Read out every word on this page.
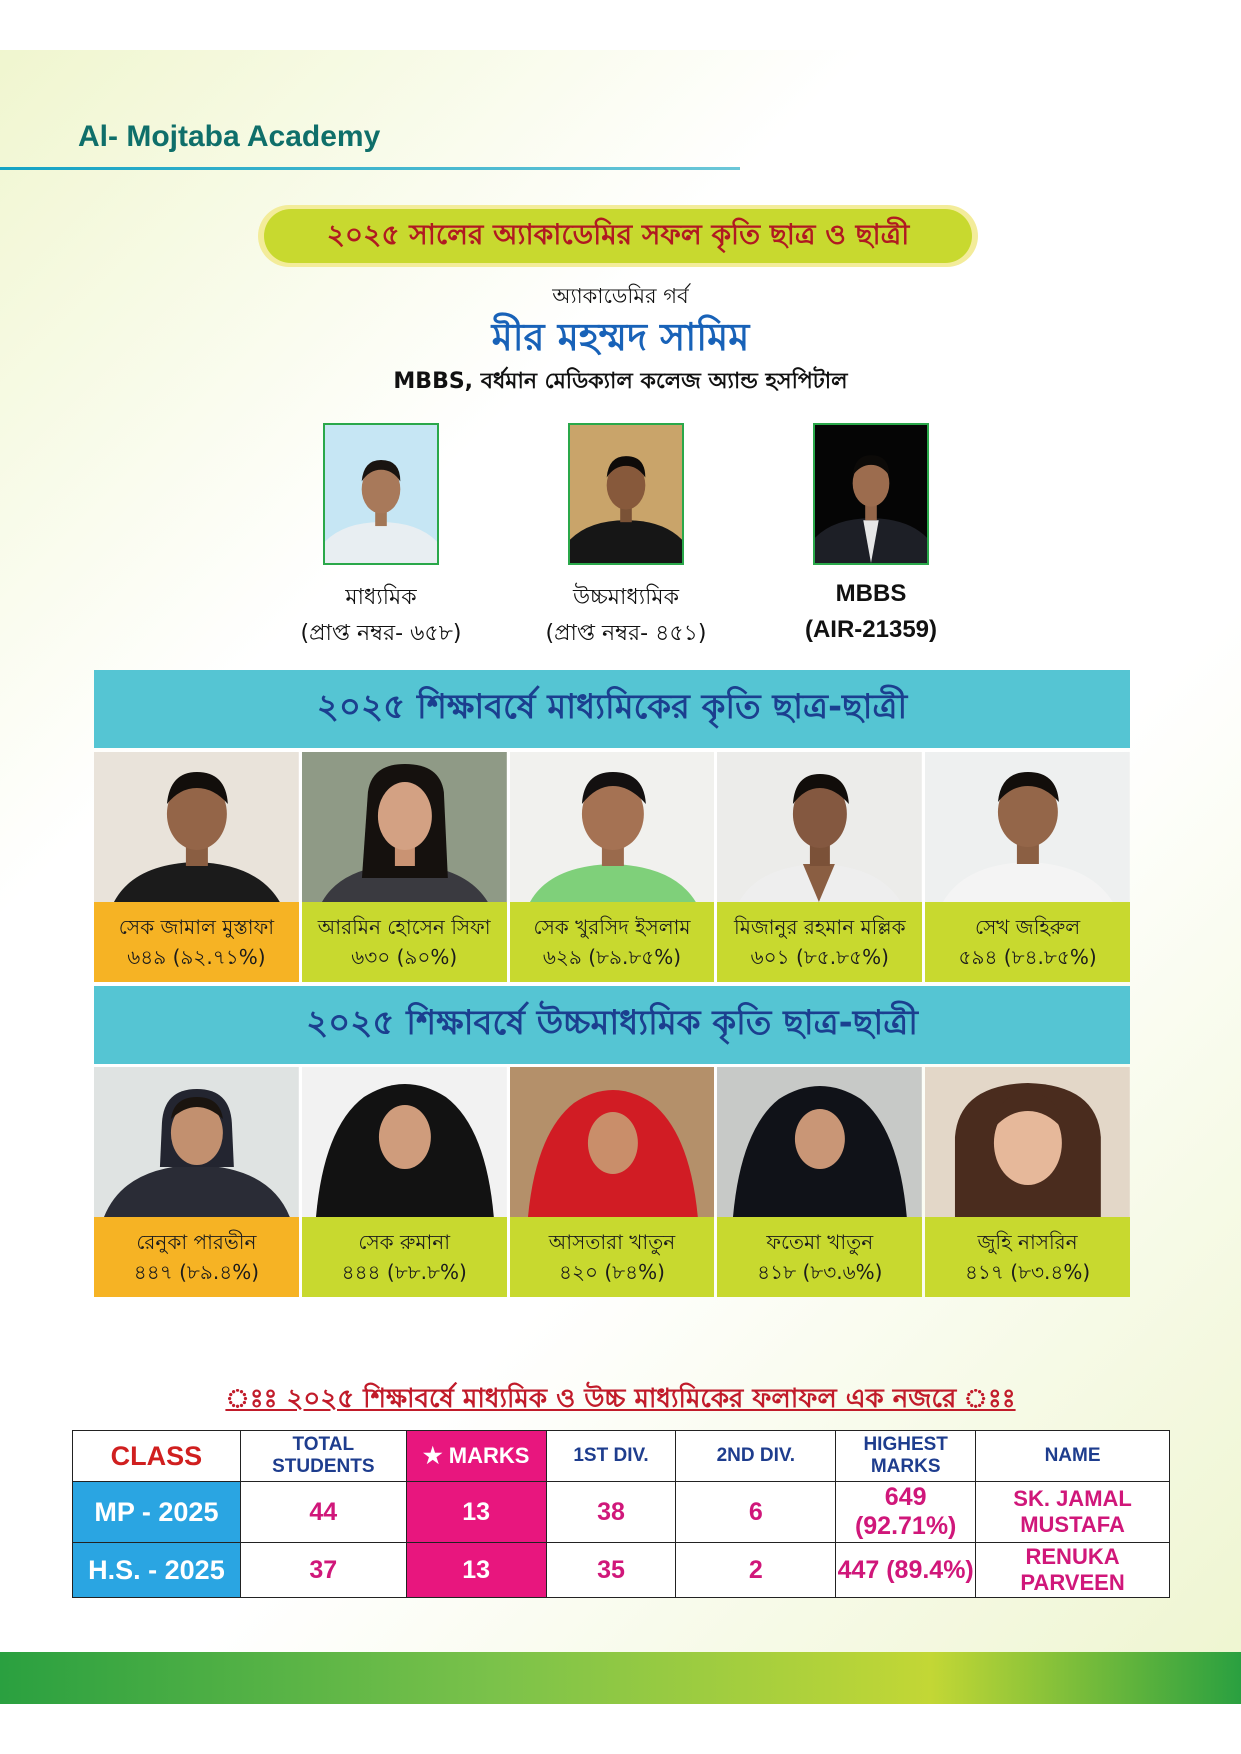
Al- Mojtaba Academy
২০২৫ সালের অ্যাকাডেমির সফল কৃতি ছাত্র ও ছাত্রী
অ্যাকাডেমির গর্ব
মীর মহম্মদ সামিম
MBBS, বর্ধমান মেডিক্যাল কলেজ অ্যান্ড হসপিটাল
মাধ্যমিক
(প্রাপ্ত নম্বর- ৬৫৮)
উচ্চমাধ্যমিক
(প্রাপ্ত নম্বর- ৪৫১)
MBBS
(AIR-21359)
২০২৫ শিক্ষাবর্ষে মাধ্যমিকের কৃতি ছাত্র-ছাত্রী
সেক জামাল মুস্তাফা
৬৪৯ (৯২.৭১%)
আরমিন হোসেন সিফা
৬৩০ (৯০%)
সেক খুরসিদ ইসলাম
৬২৯ (৮৯.৮৫%)
মিজানুর রহমান মল্লিক
৬০১ (৮৫.৮৫%)
সেখ জহিরুল
৫৯৪ (৮৪.৮৫%)
২০২৫ শিক্ষাবর্ষে উচ্চমাধ্যমিক কৃতি ছাত্র-ছাত্রী
রেনুকা পারভীন
৪৪৭ (৮৯.৪%)
সেক রুমানা
৪৪৪ (৮৮.৮%)
আসতারা খাতুন
৪২০ (৮৪%)
ফতেমা খাতুন
৪১৮ (৮৩.৬%)
জুহি নাসরিন
৪১৭ (৮৩.৪%)
ঃঃ ২০২৫ শিক্ষাবর্ষে মাধ্যমিক ও উচ্চ মাধ্যমিকের ফলাফল এক নজরে ঃঃ
CLASS	TOTAL STUDENTS	★ MARKS	1ST DIV.	2ND DIV.	HIGHEST MARKS	NAME
MP - 2025	44	13	38	6	649 (92.71%)	SK. JAMAL MUSTAFA
H.S. - 2025	37	13	35	2	447 (89.4%)	RENUKA PARVEEN
